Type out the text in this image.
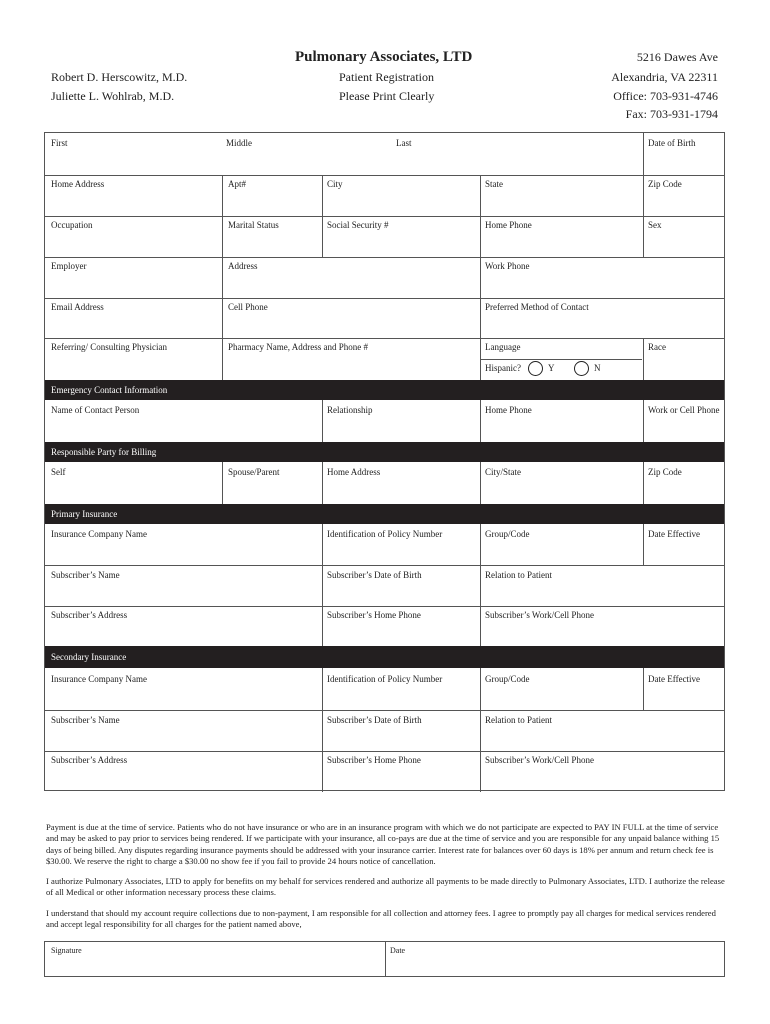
Pulmonary Associates, LTD
Robert D. Herscowitz, M.D.
Juliette L. Wohlrab, M.D.
Patient Registration
Please Print Clearly
5216 Dawes Ave
Alexandria, VA 22311
Office: 703-931-4746
Fax: 703-931-1794
First	Middle	Last	Date of Birth
Home Address	Apt#	City	State	Zip Code
Occupation	Marital Status	Social Security #	Home Phone	Sex
Employer	Address	Work Phone
Email Address	Cell Phone	Preferred Method of Contact
Referring/ Consulting Physician	Pharmacy Name, Address and Phone #	Language	Race
Hispanic?	Y	N
Emergency Contact Information
Name of Contact Person	Relationship	Home Phone	Work or Cell Phone
Responsible Party for Billing
Self	Spouse/Parent	Home Address	City/State	Zip Code
Primary Insurance
Insurance Company Name	Identification of Policy Number	Group/Code	Date Effective
Subscriber’s Name	Subscriber’s Date of Birth	Relation to Patient
Subscriber’s Address	Subscriber’s Home Phone	Subscriber’s Work/Cell Phone
Secondary Insurance
Insurance Company Name	Identification of Policy Number	Group/Code	Date Effective
Subscriber’s Name	Subscriber’s Date of Birth	Relation to Patient
Subscriber’s Address	Subscriber’s Home Phone	Subscriber’s Work/Cell Phone
Payment is due at the time of service. Patients who do not have insurance or who are in an insurance program with which we do not participate are expected to PAY IN FULL at the time of service and may be asked to pay prior to services being rendered. If we participate with your insurance, all co-pays are due at the time of service and you are responsible for any unpaid balance withing 15 days of being billed. Any disputes regarding insurance payments should be addressed with your insurance carrier. Interest rate for balances over 60 days is 18% per annum and return check fee is $30.00. We reserve the right to charge a $30.00 no show fee if you fail to provide 24 hours notice of cancellation.
I authorize Pulmonary Associates, LTD to apply for benefits on my behalf for services rendered and authorize all payments to be made directly to Pulmonary Associates, LTD. I authorize the release of all Medical or other information necessary process these claims.
I understand that should my account require collections due to non-payment, I am responsible for all collection and attorney fees. I agree to promptly pay all charges for medical services rendered and accept legal responsibility for all charges for the patient named above,
Signature	Date
